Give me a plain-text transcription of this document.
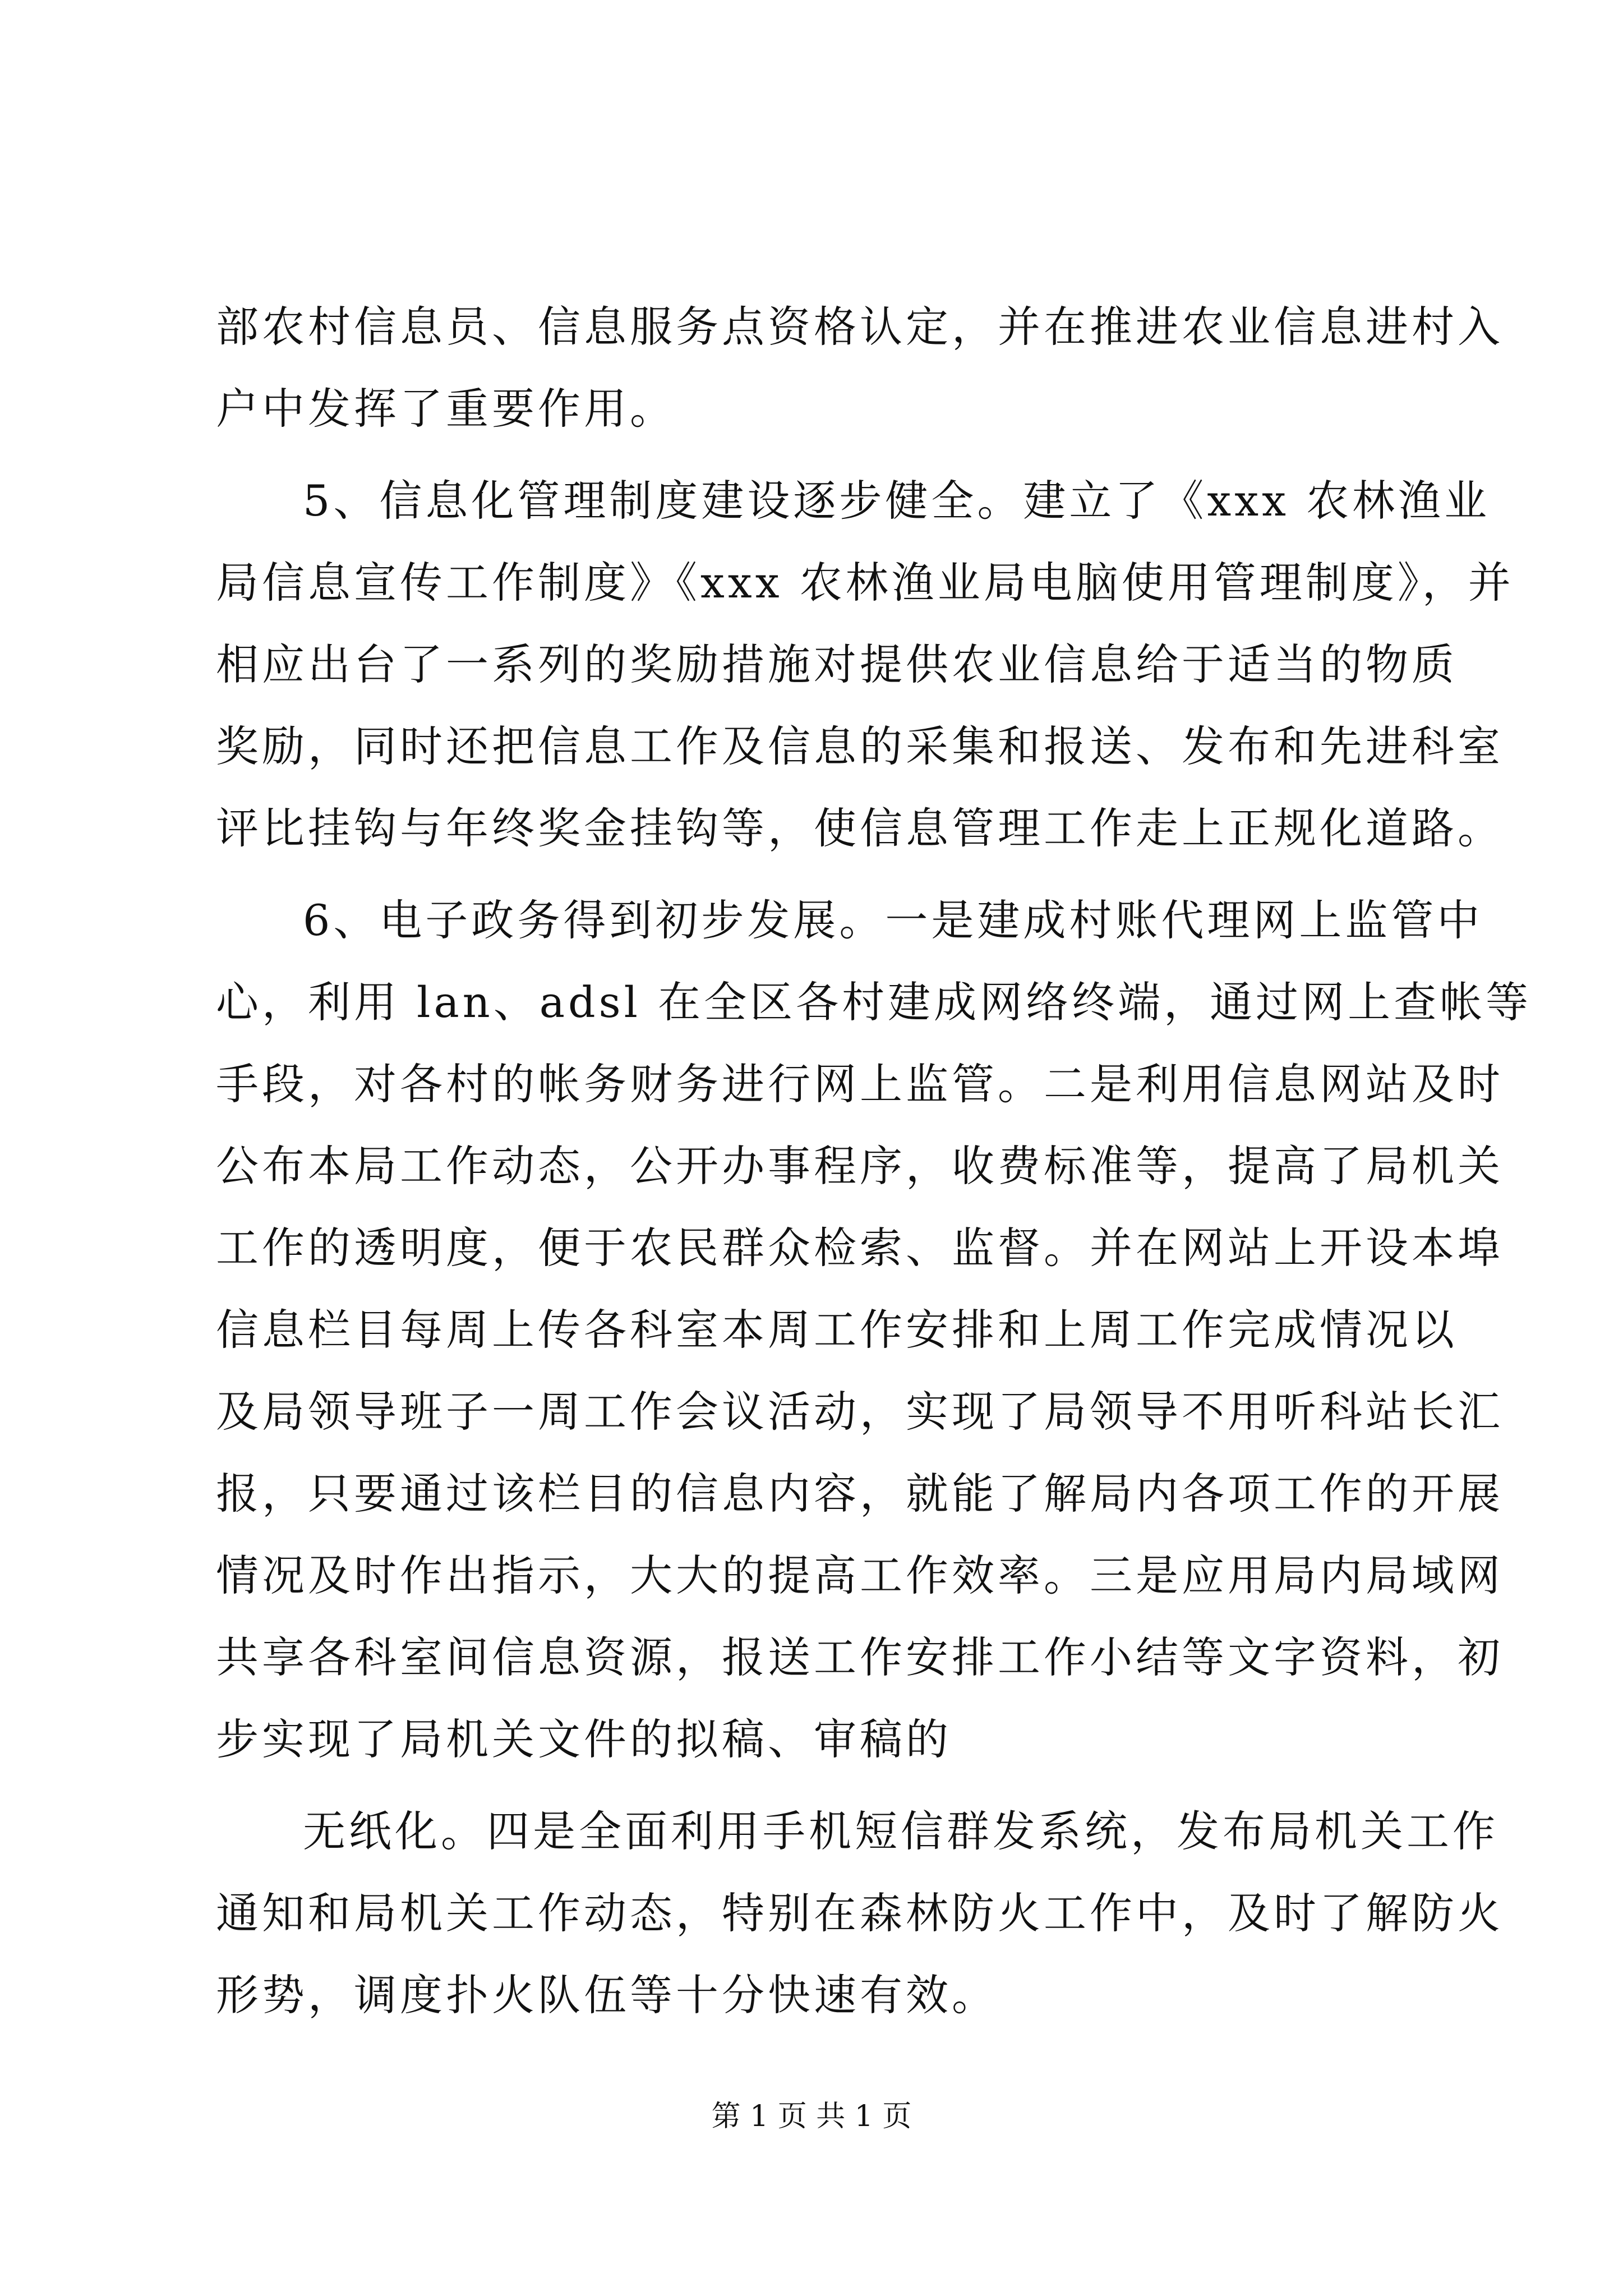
部农村信息员、信息服务点资格认定，并在推进农业信息进村入
户中发挥了重要作用。
5、信息化管理制度建设逐步健全。建立了《xxx 农林渔业
局信息宣传工作制度》《xxx 农林渔业局电脑使用管理制度》，并
相应出台了一系列的奖励措施对提供农业信息给于适当的物质
奖励，同时还把信息工作及信息的采集和报送、发布和先进科室
评比挂钩与年终奖金挂钩等，使信息管理工作走上正规化道路。
6、电子政务得到初步发展。一是建成村账代理网上监管中
心，利用 lan、adsl 在全区各村建成网络终端，通过网上查帐等
手段，对各村的帐务财务进行网上监管。二是利用信息网站及时
公布本局工作动态，公开办事程序，收费标准等，提高了局机关
工作的透明度，便于农民群众检索、监督。并在网站上开设本埠
信息栏目每周上传各科室本周工作安排和上周工作完成情况以
及局领导班子一周工作会议活动，实现了局领导不用听科站长汇
报，只要通过该栏目的信息内容，就能了解局内各项工作的开展
情况及时作出指示，大大的提高工作效率。三是应用局内局域网
共享各科室间信息资源，报送工作安排工作小结等文字资料，初
步实现了局机关文件的拟稿、审稿的
无纸化。四是全面利用手机短信群发系统，发布局机关工作
通知和局机关工作动态，特别在森林防火工作中，及时了解防火
形势，调度扑火队伍等十分快速有效。
第 1 页 共 1 页
